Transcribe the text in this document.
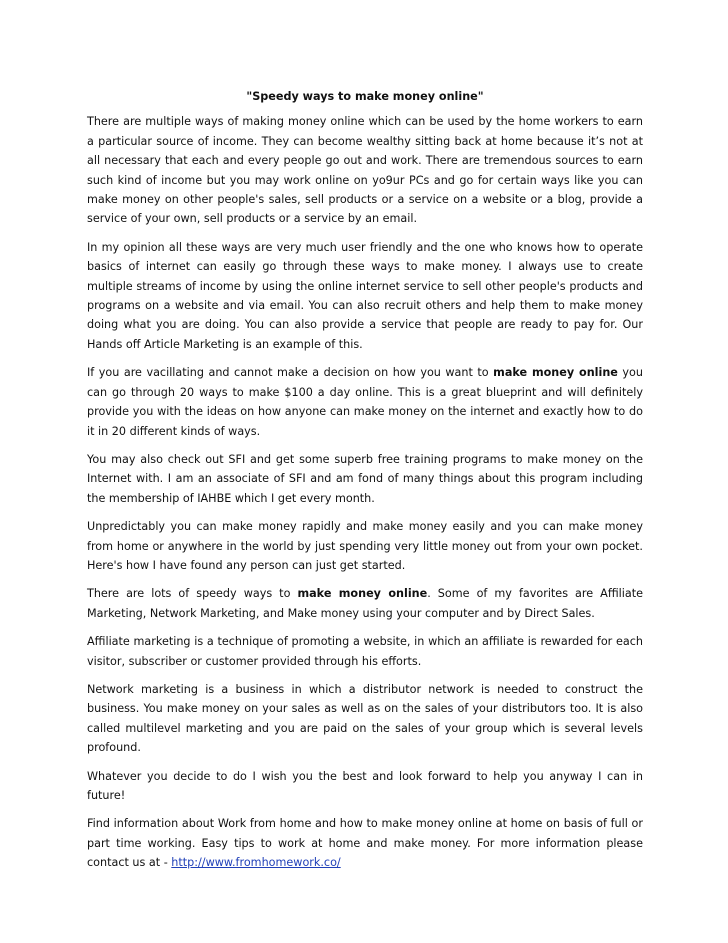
"Speedy ways to make money online"

There are multiple ways of making money online which can be used by the home workers to earn a particular source of income. They can become wealthy sitting back at home because it’s not at all necessary that each and every people go out and work. There are tremendous sources to earn such kind of income but you may work online on yo9ur PCs and go for certain ways like you can make money on other people's sales, sell products or a service on a website or a blog, provide a service of your own, sell products or a service by an email.

In my opinion all these ways are very much user friendly and the one who knows how to operate basics of internet can easily go through these ways to make money. I always use to create multiple streams of income by using the online internet service to sell other people's products and programs on a website and via email. You can also recruit others and help them to make money doing what you are doing. You can also provide a service that people are ready to pay for. Our Hands off Article Marketing is an example of this.

If you are vacillating and cannot make a decision on how you want to make money online you can go through 20 ways to make $100 a day online. This is a great blueprint and will definitely provide you with the ideas on how anyone can make money on the internet and exactly how to do it in 20 different kinds of ways.

You may also check out SFI and get some superb free training programs to make money on the Internet with. I am an associate of SFI and am fond of many things about this program including the membership of IAHBE which I get every month.

Unpredictably you can make money rapidly and make money easily and you can make money from home or anywhere in the world by just spending very little money out from your own pocket. Here's how I have found any person can just get started.

There are lots of speedy ways to make money online. Some of my favorites are Affiliate Marketing, Network Marketing, and Make money using your computer and by Direct Sales.

Affiliate marketing is a technique of promoting a website, in which an affiliate is rewarded for each visitor, subscriber or customer provided through his efforts.

Network marketing is a business in which a distributor network is needed to construct the business. You make money on your sales as well as on the sales of your distributors too. It is also called multilevel marketing and you are paid on the sales of your group which is several levels profound.

Whatever you decide to do I wish you the best and look forward to help you anyway I can in future!

Find information about Work from home and how to make money online at home on basis of full or part time working. Easy tips to work at home and make money. For more information please contact us at - http://www.fromhomework.co/
